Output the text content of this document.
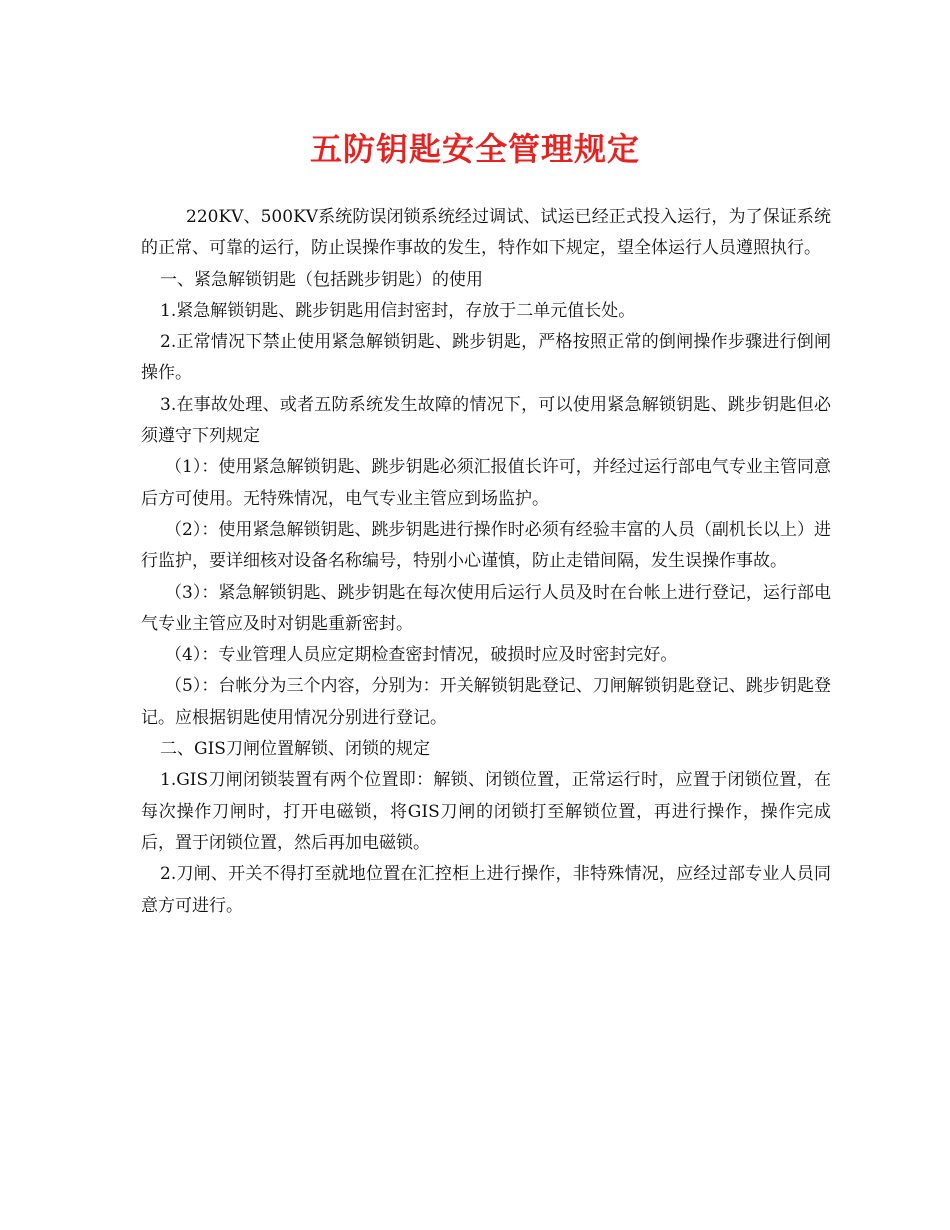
五防钥匙安全管理规定

220KV、500KV系统防误闭锁系统经过调试、试运已经正式投入运行，为了保证系统的正常、可靠的运行，防止误操作事故的发生，特作如下规定，望全体运行人员遵照执行。

一、紧急解锁钥匙（包括跳步钥匙）的使用

1.紧急解锁钥匙、跳步钥匙用信封密封，存放于二单元值长处。

2.正常情况下禁止使用紧急解锁钥匙、跳步钥匙，严格按照正常的倒闸操作步骤进行倒闸操作。

3.在事故处理、或者五防系统发生故障的情况下，可以使用紧急解锁钥匙、跳步钥匙但必须遵守下列规定

（1）：使用紧急解锁钥匙、跳步钥匙必须汇报值长许可，并经过运行部电气专业主管同意后方可使用。无特殊情况，电气专业主管应到场监护。

（2）：使用紧急解锁钥匙、跳步钥匙进行操作时必须有经验丰富的人员（副机长以上）进行监护，要详细核对设备名称编号，特别小心谨慎，防止走错间隔，发生误操作事故。

（3）：紧急解锁钥匙、跳步钥匙在每次使用后运行人员及时在台帐上进行登记，运行部电气专业主管应及时对钥匙重新密封。

（4）：专业管理人员应定期检查密封情况，破损时应及时密封完好。

（5）：台帐分为三个内容，分别为：开关解锁钥匙登记、刀闸解锁钥匙登记、跳步钥匙登记。应根据钥匙使用情况分别进行登记。

二、GIS刀闸位置解锁、闭锁的规定

1.GIS刀闸闭锁装置有两个位置即：解锁、闭锁位置，正常运行时，应置于闭锁位置，在每次操作刀闸时，打开电磁锁，将GIS刀闸的闭锁打至解锁位置，再进行操作，操作完成后，置于闭锁位置，然后再加电磁锁。

2.刀闸、开关不得打至就地位置在汇控柜上进行操作，非特殊情况，应经过部专业人员同意方可进行。
